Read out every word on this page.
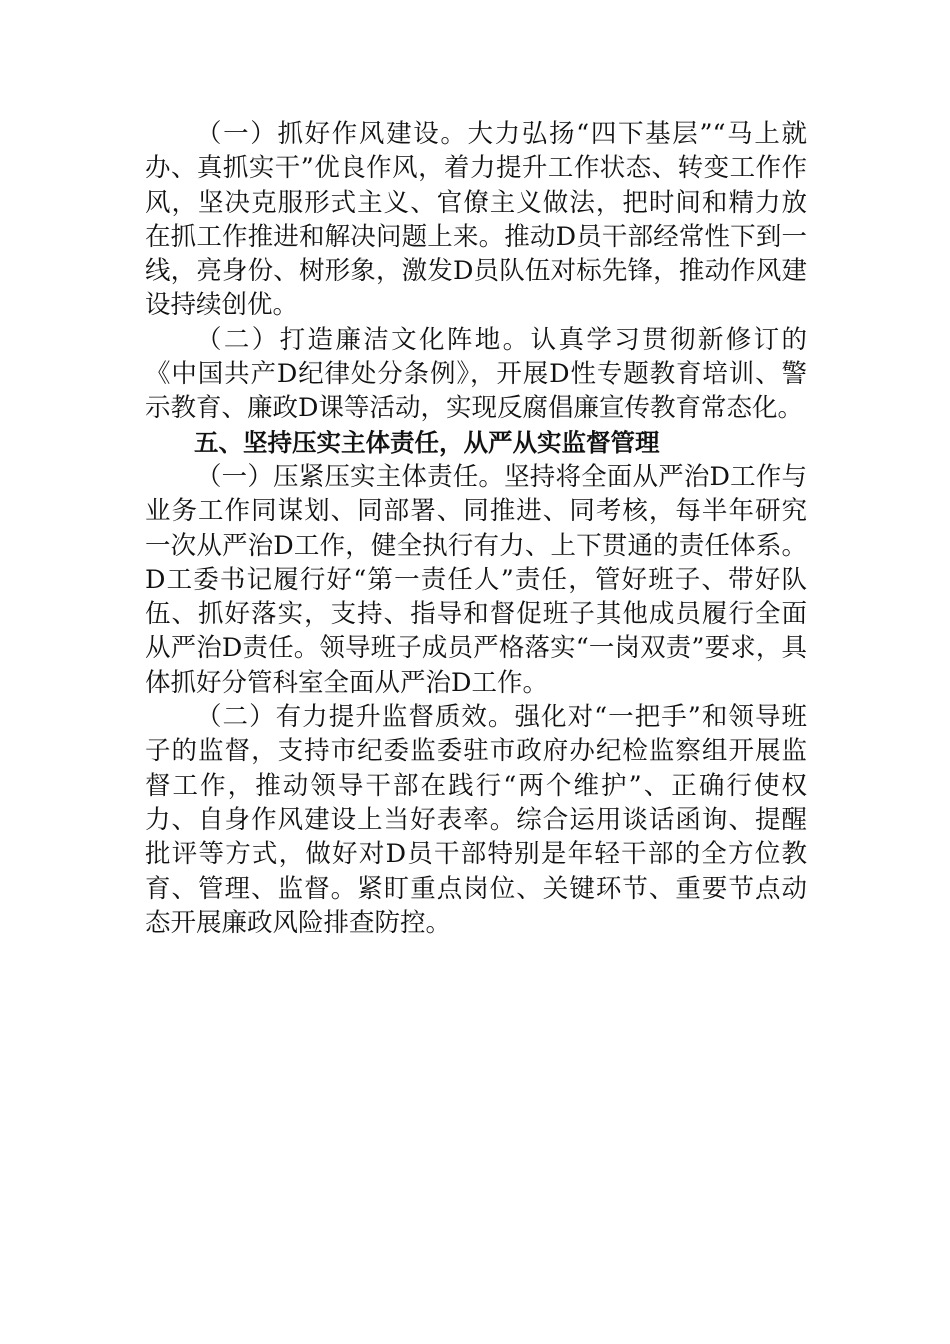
（一）抓好作风建设。大力弘扬“四下基层”“马上就办、真抓实干”优良作风，着力提升工作状态、转变工作作风，坚决克服形式主义、官僚主义做法，把时间和精力放在抓工作推进和解决问题上来。推动D员干部经常性下到一线，亮身份、树形象，激发D员队伍对标先锋，推动作风建设持续创优。

（二）打造廉洁文化阵地。认真学习贯彻新修订的《中国共产D纪律处分条例》，开展D性专题教育培训、警示教育、廉政D课等活动，实现反腐倡廉宣传教育常态化。

五、坚持压实主体责任，从严从实监督管理

（一）压紧压实主体责任。坚持将全面从严治D工作与业务工作同谋划、同部署、同推进、同考核，每半年研究一次从严治D工作，健全执行有力、上下贯通的责任体系。D工委书记履行好“第一责任人”责任，管好班子、带好队伍、抓好落实，支持、指导和督促班子其他成员履行全面从严治D责任。领导班子成员严格落实“一岗双责”要求，具体抓好分管科室全面从严治D工作。

（二）有力提升监督质效。强化对“一把手”和领导班子的监督，支持市纪委监委驻市政府办纪检监察组开展监督工作，推动领导干部在践行“两个维护”、正确行使权力、自身作风建设上当好表率。综合运用谈话函询、提醒批评等方式，做好对D员干部特别是年轻干部的全方位教育、管理、监督。紧盯重点岗位、关键环节、重要节点动态开展廉政风险排查防控。
